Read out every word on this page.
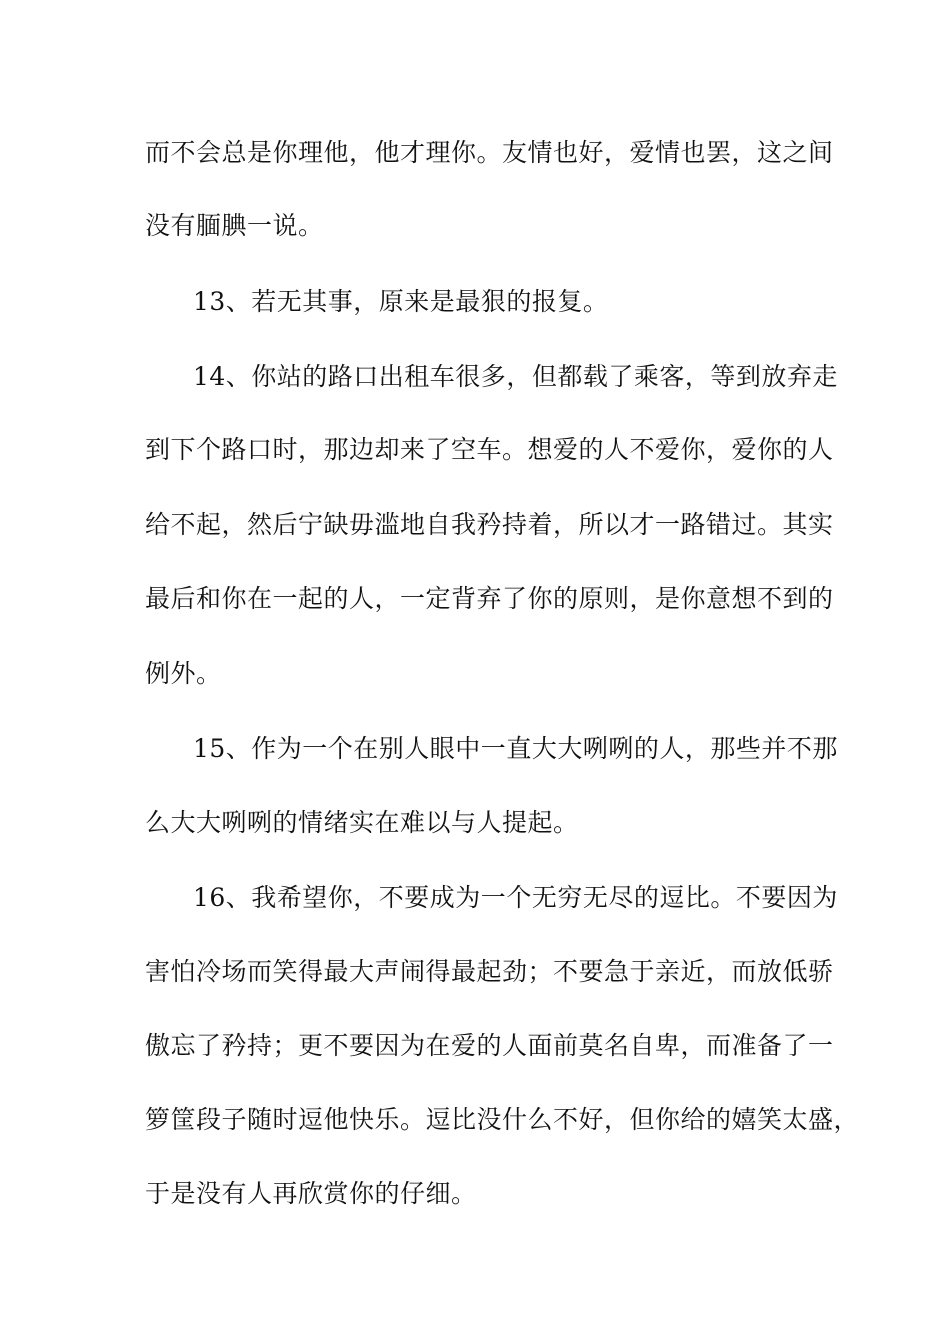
而不会总是你理他，他才理你。友情也好，爱情也罢，这之间
没有腼腆一说。
13、若无其事，原来是最狠的报复。
14、你站的路口出租车很多，但都载了乘客，等到放弃走
到下个路口时，那边却来了空车。想爱的人不爱你，爱你的人
给不起，然后宁缺毋滥地自我矜持着，所以才一路错过。其实
最后和你在一起的人，一定背弃了你的原则，是你意想不到的
例外。
15、作为一个在别人眼中一直大大咧咧的人，那些并不那
么大大咧咧的情绪实在难以与人提起。
16、我希望你，不要成为一个无穷无尽的逗比。不要因为
害怕冷场而笑得最大声闹得最起劲；不要急于亲近，而放低骄
傲忘了矜持；更不要因为在爱的人面前莫名自卑，而准备了一
箩筐段子随时逗他快乐。逗比没什么不好，但你给的嬉笑太盛，
于是没有人再欣赏你的仔细。
